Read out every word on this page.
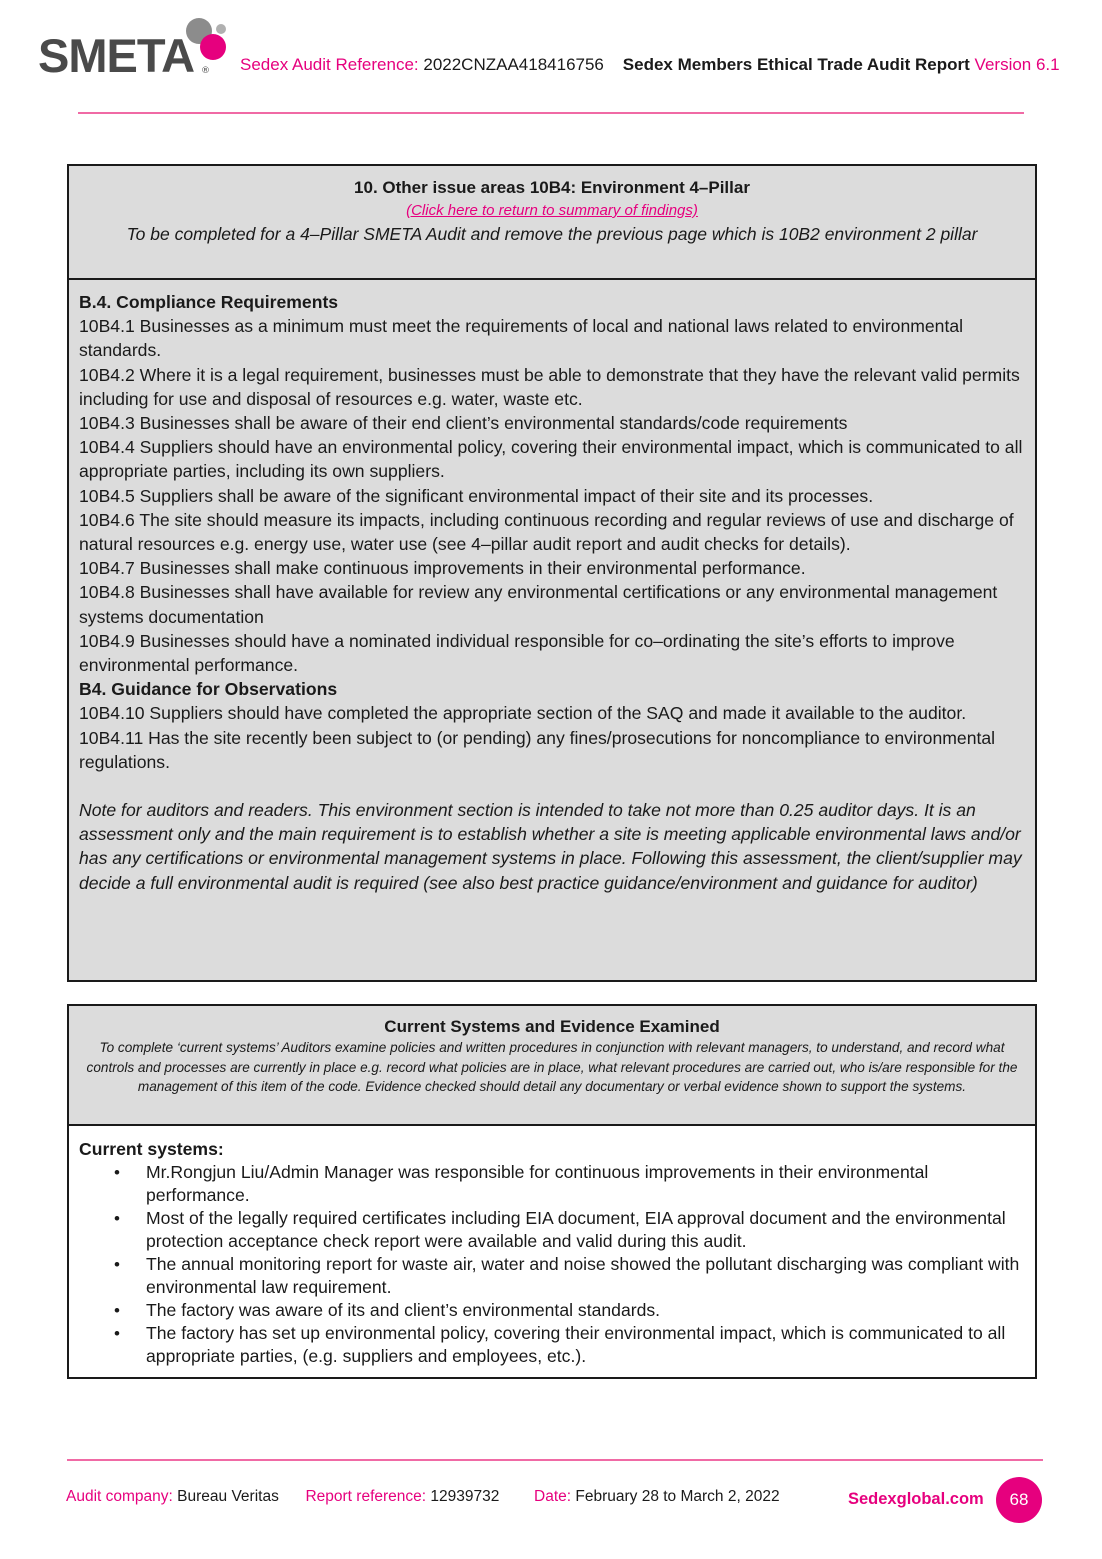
SMETA ® Sedex Audit Reference: 2022CNZAA418416756 Sedex Members Ethical Trade Audit Report Version 6.1
10. Other issue areas 10B4: Environment 4–Pillar
(Click here to return to summary of findings)
To be completed for a 4–Pillar SMETA Audit and remove the previous page which is 10B2 environment 2 pillar
B.4. Compliance Requirements

10B4.1 Businesses as a minimum must meet the requirements of local and national laws related to environmental standards.

10B4.2 Where it is a legal requirement, businesses must be able to demonstrate that they have the relevant valid permits including for use and disposal of resources e.g. water, waste etc.

10B4.3 Businesses shall be aware of their end client’s environmental standards/code requirements

10B4.4 Suppliers should have an environmental policy, covering their environmental impact, which is communicated to all appropriate parties, including its own suppliers.

10B4.5 Suppliers shall be aware of the significant environmental impact of their site and its processes.

10B4.6 The site should measure its impacts, including continuous recording and regular reviews of use and discharge of natural resources e.g. energy use, water use (see 4–pillar audit report and audit checks for details).

10B4.7 Businesses shall make continuous improvements in their environmental performance.

10B4.8 Businesses shall have available for review any environmental certifications or any environmental management systems documentation

10B4.9 Businesses should have a nominated individual responsible for co–ordinating the site’s efforts to improve environmental performance.

B4. Guidance for Observations

10B4.10 Suppliers should have completed the appropriate section of the SAQ and made it available to the auditor.

10B4.11 Has the site recently been subject to (or pending) any fines/prosecutions for noncompliance to environmental regulations.

Note for auditors and readers. This environment section is intended to take not more than 0.25 auditor days. It is an assessment only and the main requirement is to establish whether a site is meeting applicable environmental laws and/or has any certifications or environmental management systems in place. Following this assessment, the client/supplier may decide a full environmental audit is required (see also best practice guidance/environment and guidance for auditor)

Current Systems and Evidence Examined
To complete ‘current systems’ Auditors examine policies and written procedures in conjunction with relevant managers, to understand, and record what controls and processes are currently in place e.g. record what policies are in place, what relevant procedures are carried out, who is/are responsible for the management of this item of the code. Evidence checked should detail any documentary or verbal evidence shown to support the systems.
Current systems:
• Mr.Rongjun Liu/Admin Manager was responsible for continuous improvements in their environmental performance.
• Most of the legally required certificates including EIA document, EIA approval document and the environmental protection acceptance check report were available and valid during this audit.
• The annual monitoring report for waste air, water and noise showed the pollutant discharging was compliant with environmental law requirement.
• The factory was aware of its and client’s environmental standards.
• The factory has set up environmental policy, covering their environmental impact, which is communicated to all appropriate parties, (e.g. suppliers and employees, etc.).
Audit company: Bureau Veritas Report reference: 12939732 Date: February 28 to March 2, 2022	Sedexglobal.com	68
